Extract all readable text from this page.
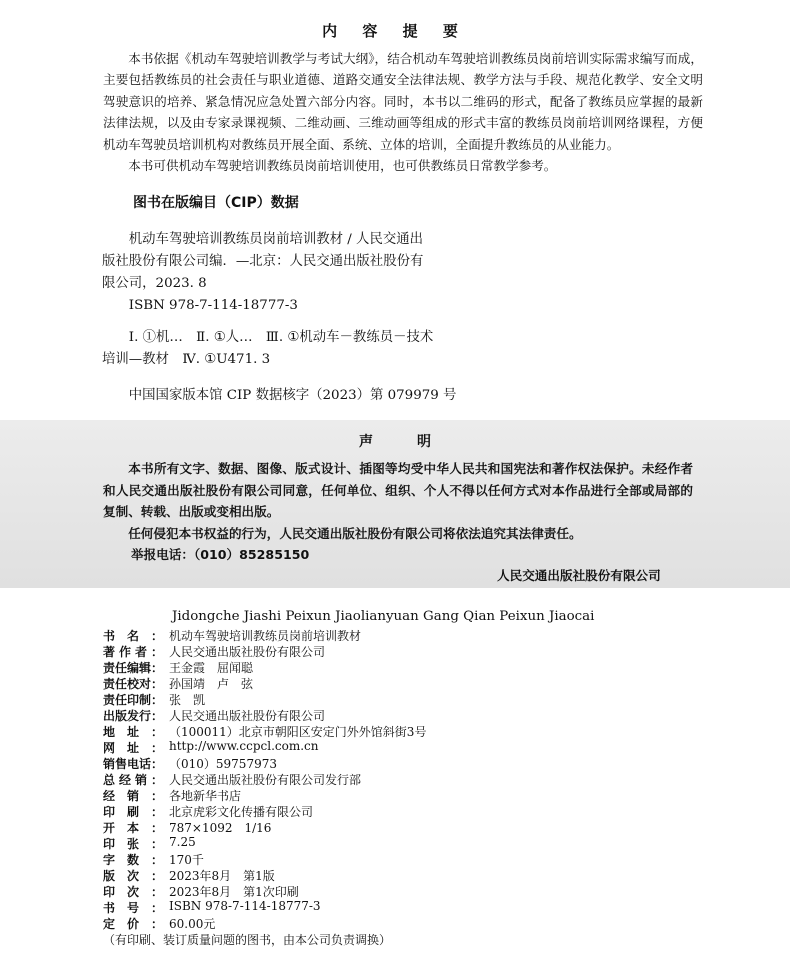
内 容 提 要

本书依据《机动车驾驶培训教学与考试大纲》，结合机动车驾驶培训教练员岗前培训实际需求编写而成，主要包括教练员的社会责任与职业道德、道路交通安全法律法规、教学方法与手段、规范化教学、安全文明驾驶意识的培养、紧急情况应急处置六部分内容。同时，本书以二维码的形式，配备了教练员应掌握的最新法律法规，以及由专家录课视频、二维动画、三维动画等组成的形式丰富的教练员岗前培训网络课程，方便机动车驾驶员培训机构对教练员开展全面、系统、立体的培训，全面提升教练员的从业能力。

本书可供机动车驾驶培训教练员岗前培训使用，也可供教练员日常教学参考。

图书在版编目（CIP）数据
　　机动车驾驶培训教练员岗前培训教材 / 人民交通出
版社股份有限公司编．—北京：人民交通出版社股份有
限公司，2023. 8
　　ISBN 978-7-114-18777-3
　　Ⅰ. ①机…　Ⅱ. ①人…　Ⅲ. ①机动车－教练员－技术
培训—教材　Ⅳ. ①U471. 3
　　中国国家版本馆 CIP 数据核字（2023）第 079979 号
声明

本书所有文字、数据、图像、版式设计、插图等均受中华人民共和国宪法和著作权法保护。未经作者和人民交通出版社股份有限公司同意，任何单位、组织、个人不得以任何方式对本作品进行全部或局部的复制、转载、出版或变相出版。

任何侵犯本书权益的行为，人民交通出版社股份有限公司将依法追究其法律责任。

举报电话：（010）85285150
人民交通出版社股份有限公司
Jidongche Jiashi Peixun Jiaolianyuan Gang Qian Peixun Jiaocai
书名： 机动车驾驶培训教练员岗前培训教材
著作者： 人民交通出版社股份有限公司
责任编辑： 王金霞　屈闻聪
责任校对： 孙国靖　卢　弦
责任印制： 张　凯
出版发行： 人民交通出版社股份有限公司
地址： （100011）北京市朝阳区安定门外外馆斜街3号
网址： http://www.ccpcl.com.cn
销售电话： （010）59757973
总经销： 人民交通出版社股份有限公司发行部
经销： 各地新华书店
印刷： 北京虎彩文化传播有限公司
开本： 787×1092　1/16
印张： 7.25
字数： 170千
版次： 2023年8月　第1版
印次： 2023年8月　第1次印刷
书号： ISBN 978-7-114-18777-3
定价： 60.00元
（有印刷、装订质量问题的图书，由本公司负责调换）
